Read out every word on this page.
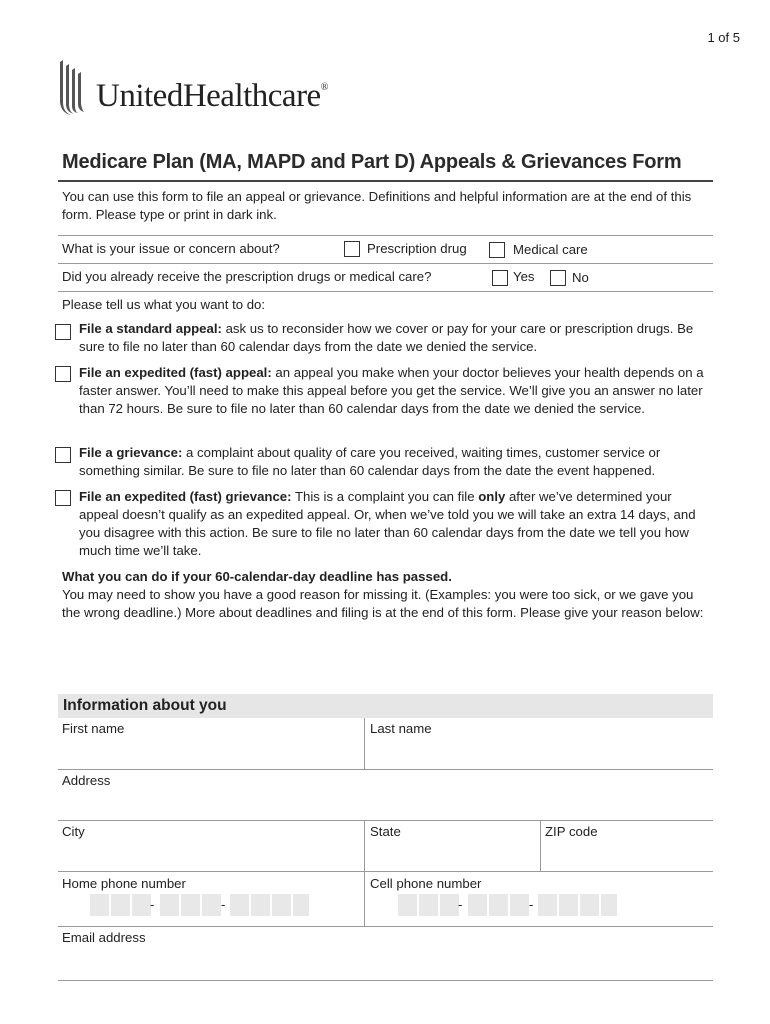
1 of 5
UnitedHealthcare®
Medicare Plan (MA, MAPD and Part D) Appeals & Grievances Form
You can use this form to file an appeal or grievance. Definitions and helpful information are at the end of this form. Please type or print in dark ink.
What is your issue or concern about?	Prescription drug	Medical care
Did you already receive the prescription drugs or medical care?	Yes	No
Please tell us what you want to do:
File a standard appeal: ask us to reconsider how we cover or pay for your care or prescription drugs. Be sure to file no later than 60 calendar days from the date we denied the service.
File an expedited (fast) appeal: an appeal you make when your doctor believes your health depends on a faster answer. You’ll need to make this appeal before you get the service. We’ll give you an answer no later than 72 hours. Be sure to file no later than 60 calendar days from the date we denied the service.
File a grievance: a complaint about quality of care you received, waiting times, customer service or something similar. Be sure to file no later than 60 calendar days from the date the event happened.
File an expedited (fast) grievance: This is a complaint you can file only after we’ve determined your appeal doesn’t qualify as an expedited appeal. Or, when we’ve told you we will take an extra 14 days, and you disagree with this action. Be sure to file no later than 60 calendar days from the date we tell you how much time we’ll take.
What you can do if your 60-calendar-day deadline has passed.
You may need to show you have a good reason for missing it. (Examples: you were too sick, or we gave you the wrong deadline.) More about deadlines and filing is at the end of this form. Please give your reason below:
Information about you
First name	Last name
Address
City	State	ZIP code
Home phone number	Cell phone number
-	-	-	-
Email address
